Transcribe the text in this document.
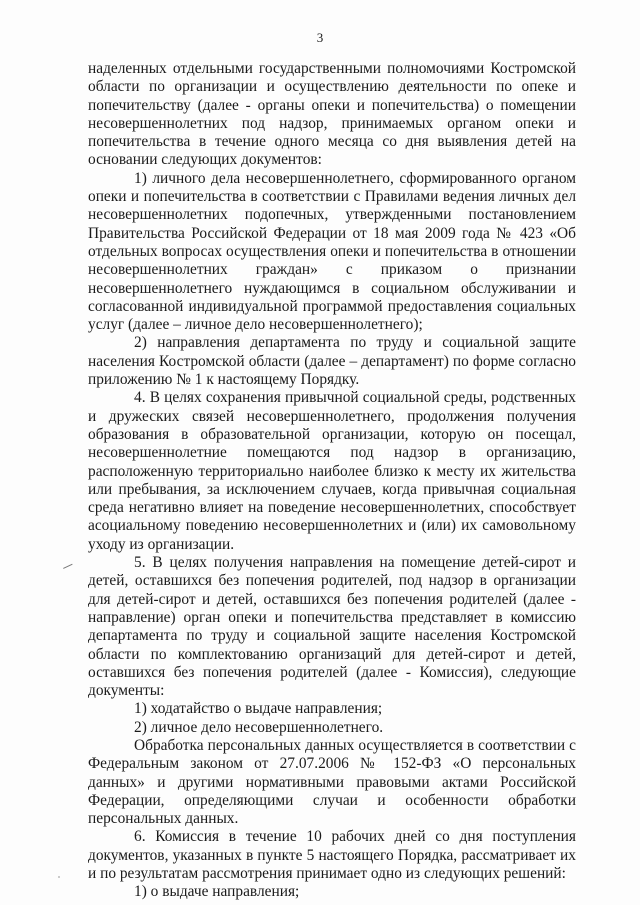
3

наделенных отдельными государственными полномочиями Костромской области по организации и осуществлению деятельности по опеке и попечительству (далее - органы опеки и попечительства) о помещении несовершеннолетних под надзор, принимаемых органом опеки и попечительства в течение одного месяца со дня выявления детей на основании следующих документов:

1) личного дела несовершеннолетнего, сформированного органом опеки и попечительства в соответствии с Правилами ведения личных дел несовершеннолетних подопечных, утвержденными постановлением Правительства Российской Федерации от 18 мая 2009 года № 423 «Об отдельных вопросах осуществления опеки и попечительства в отношении несовершеннолетних граждан» с приказом о признании несовершеннолетнего нуждающимся в социальном обслуживании и согласованной индивидуальной программой предоставления социальных услуг (далее – личное дело несовершеннолетнего);

2) направления департамента по труду и социальной защите населения Костромской области (далее – департамент) по форме согласно приложению № 1 к настоящему Порядку.

4. В целях сохранения привычной социальной среды, родственных и дружеских связей несовершеннолетнего, продолжения получения образования в образовательной организации, которую он посещал, несовершеннолетние помещаются под надзор в организацию, расположенную территориально наиболее близко к месту их жительства или пребывания, за исключением случаев, когда привычная социальная среда негативно влияет на поведение несовершеннолетних, способствует асоциальному поведению несовершеннолетних и (или) их самовольному уходу из организации.

5. В целях получения направления на помещение детей-сирот и детей, оставшихся без попечения родителей, под надзор в организации для детей-сирот и детей, оставшихся без попечения родителей (далее - направление) орган опеки и попечительства представляет в комиссию департамента по труду и социальной защите населения Костромской области по комплектованию организаций для детей-сирот и детей, оставшихся без попечения родителей (далее - Комиссия), следующие документы:

1) ходатайство о выдаче направления;

2) личное дело несовершеннолетнего.

Обработка персональных данных осуществляется в соответствии с Федеральным законом от 27.07.2006 № 152-ФЗ «О персональных данных» и другими нормативными правовыми актами Российской Федерации, определяющими случаи и особенности обработки персональных данных.

6. Комиссия в течение 10 рабочих дней со дня поступления документов, указанных в пункте 5 настоящего Порядка, рассматривает их и по результатам рассмотрения принимает одно из следующих решений:

1) о выдаче направления;
